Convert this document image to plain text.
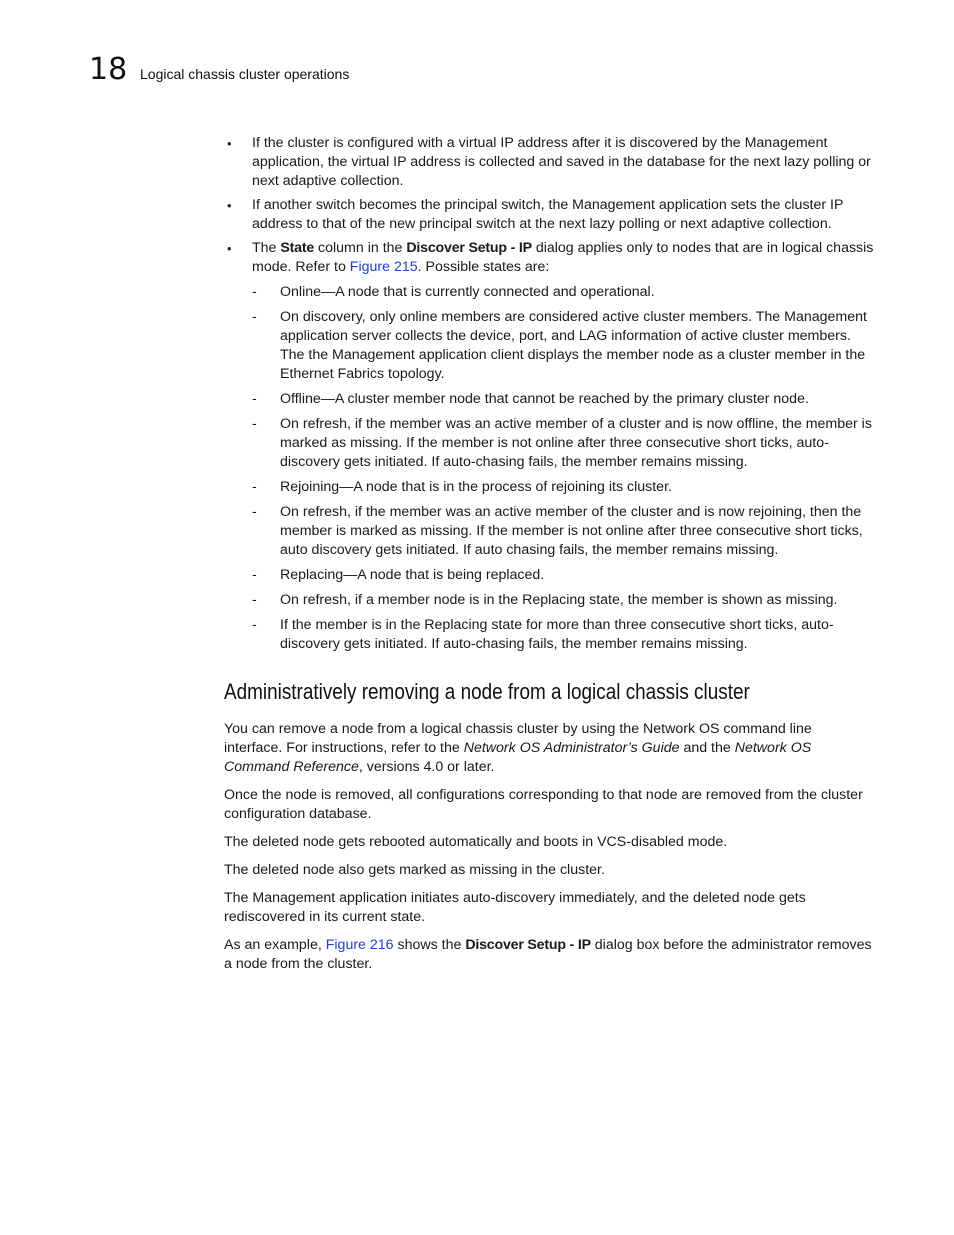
18 Logical chassis cluster operations
• If the cluster is configured with a virtual IP address after it is discovered by the Management application, the virtual IP address is collected and saved in the database for the next lazy polling or next adaptive collection.
• If another switch becomes the principal switch, the Management application sets the cluster IP address to that of the new principal switch at the next lazy polling or next adaptive collection.
• The State column in the Discover Setup - IP dialog applies only to nodes that are in logical chassis mode. Refer to Figure 215. Possible states are:
- Online—A node that is currently connected and operational.
- On discovery, only online members are considered active cluster members. The Management application server collects the device, port, and LAG information of active cluster members. The the Management application client displays the member node as a cluster member in the Ethernet Fabrics topology.
- Offline—A cluster member node that cannot be reached by the primary cluster node.
- On refresh, if the member was an active member of a cluster and is now offline, the member is marked as missing. If the member is not online after three consecutive short ticks, auto-discovery gets initiated. If auto-chasing fails, the member remains missing.
- Rejoining—A node that is in the process of rejoining its cluster.
- On refresh, if the member was an active member of the cluster and is now rejoining, then the member is marked as missing. If the member is not online after three consecutive short ticks, auto discovery gets initiated. If auto chasing fails, the member remains missing.
- Replacing—A node that is being replaced.
- On refresh, if a member node is in the Replacing state, the member is shown as missing.
- If the member is in the Replacing state for more than three consecutive short ticks, auto-discovery gets initiated. If auto-chasing fails, the member remains missing.
Administratively removing a node from a logical chassis cluster

You can remove a node from a logical chassis cluster by using the Network OS command line interface. For instructions, refer to the Network OS Administrator’s Guide and the Network OS Command Reference, versions 4.0 or later.

Once the node is removed, all configurations corresponding to that node are removed from the cluster configuration database.

The deleted node gets rebooted automatically and boots in VCS-disabled mode.

The deleted node also gets marked as missing in the cluster.

The Management application initiates auto-discovery immediately, and the deleted node gets rediscovered in its current state.

As an example, Figure 216 shows the Discover Setup - IP dialog box before the administrator removes a node from the cluster.
